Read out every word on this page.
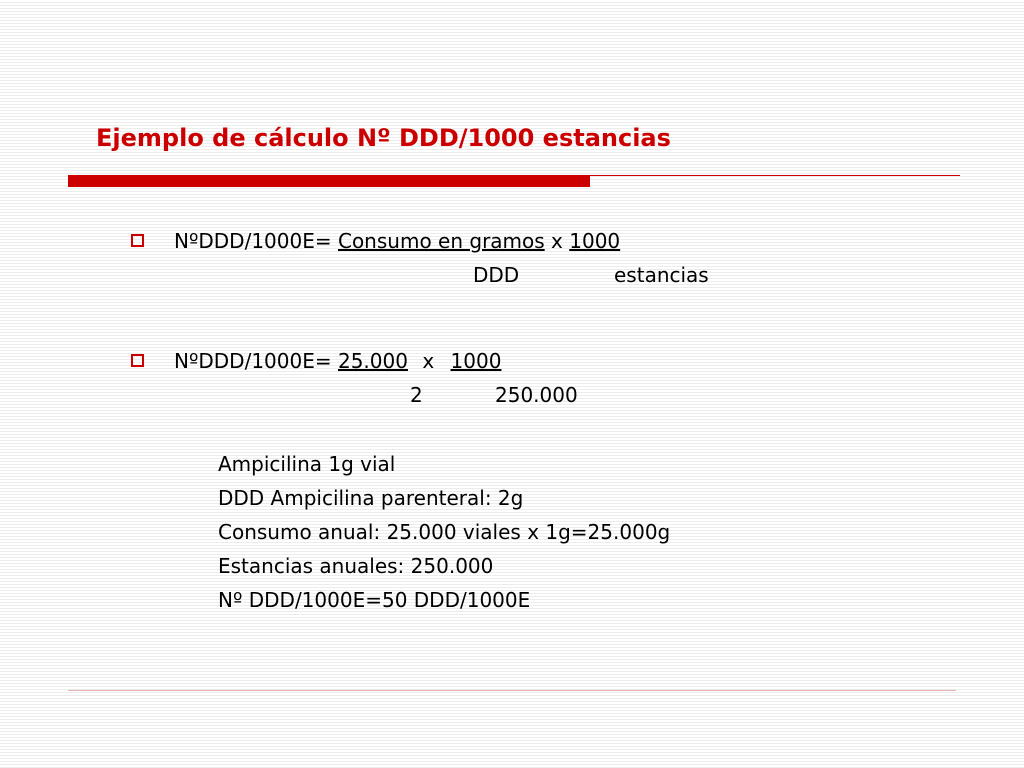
Ejemplo de cálculo Nº DDD/1000 estancias
NºDDD/1000E= Consumo en gramos x 1000
DDD	estancias
NºDDD/1000E= 25.000 x 1000
2	250.000
Ampicilina 1g vial
DDD Ampicilina parenteral: 2g
Consumo anual: 25.000 viales x 1g=25.000g
Estancias anuales: 250.000
Nº DDD/1000E=50 DDD/1000E
